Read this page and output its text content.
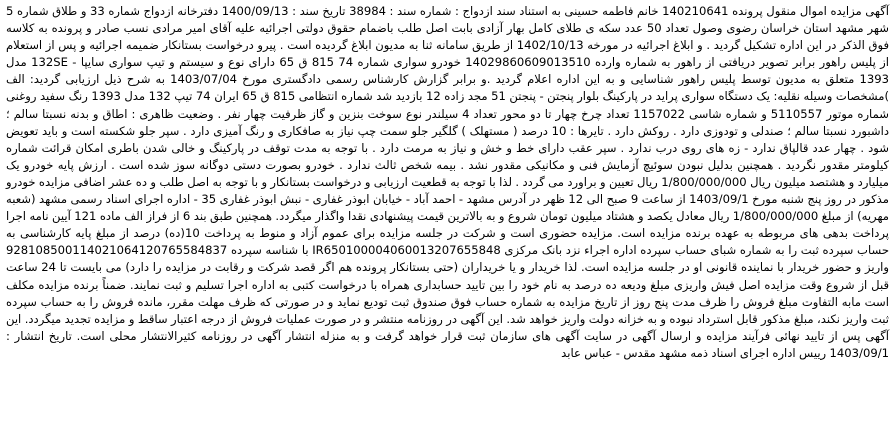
آگهی مزایده اموال منقول پرونده 140210641 خانم فاطمه حسینی به استناد سند ازدواج : شماره سند : 38984 تاریخ سند : 1400/09/13 دفترخانه ازدواج شماره 33 و طلاق شماره 5 شهر مشهد استان خراسان رضوی وصول تعداد 50 عدد سکه ی طلای کامل بهار آزادی بابت اصل طلب باضمام حقوق دولتی اجرائیه علیه آقای امیر مرادی نسب صادر و پرونده به کلاسه فوق الذکر در این اداره تشکیل گردید . و ابلاغ اجرائیه در مورخه 1402/10/13 از طریق سامانه ثنا به مدیون ابلاغ گردیده است . پیرو درخواست بستانکار ضمیمه اجرائیه و پس از استعلام از پلیس راهور برابر تصویر دریافتی از راهور به شماره وارده 14029860609013510 خودرو سواری شماره 74 815 ق 65 دارای نوع و سیستم و تیپ سواری سایپا - 132SE مدل 1393 متعلق به مدیون توسط پلیس راهور شناسایی و به این اداره اعلام گردید .و برابر گزارش کارشناس رسمی دادگستری مورخ 1403/07/04 به شرح ذیل ارزیابی گردید: الف )مشخصات وسیله نقلیه: یک دستگاه سواری پراید در پارکینگ بلوار پنجتن - پنجتن 51 مجد زاده 12 بازدید شد شماره انتظامی 815 ق 65 ایران 74 تیپ 132 مدل 1393 رنگ سفید روغنی شماره موتور 5110557 و شماره شاسی 1157022 تعداد چرخ چهار تا دو محور تعداد 4 سیلندر نوع سوخت بنزین و گاز ظرفیت چهار نفر . وضعیت ظاهری : اطاق و بدنه نسبتا سالم ؛ داشبورد نسبتا سالم ؛ صندلی و تودوزی دارد . روکش دارد . تایرها : 10 درصد ( مستهلک ) گلگیر جلو سمت چپ نیاز به صافکاری و رنگ آمیزی دارد . سپر جلو شکسته است و باید تعویض شود . چهار عدد قالپاق ندارد - زه های روی درب ندارد . سپر عقب دارای خط و خش و نیاز به مرمت دارد . با توجه به مدت توقف در پارکینگ و خالی شدن باطری امکان قرائت شماره کیلومتر مقدور نگردید . همچنین بدلیل نبودن سوئیچ آزمایش فنی و مکانیکی مقدور نشد . بیمه شخص ثالث ندارد . خودرو بصورت دستی دوگانه سوز شده است . ارزش پایه خودرو یک میلیارد و هشتصد میلیون ریال 1/800/000/000 ریال تعیین و براورد می گردد . لذا با توجه به قطعیت ارزیابی و درخواست بستانکار و با توجه به اصل طلب و ده عشر اضافی مزایده خودرو مذکور در روز پنج شنبه مورخ 1403/09/1 از ساعت 9 صبح الی 12 ظهر در آدرس مشهد - احمد آباد - خیابان ابوذر غفاری - نبش ابوذر غفاری 35 - اداره اجرای اسناد رسمی مشهد (شعبه مهریه) از مبلغ 1/800/000/000 ریال معادل یکصد و هشتاد میلیون تومان شروع و به بالاترین قیمت پیشنهادی نقدا واگذار میگردد. همچنین طبق بند 6 از فراز الف ماده 121 آیین نامه اجرا پرداخت بدهی های مربوطه به عهده برنده مزایده است. مزایده حضوری است و شرکت در جلسه مزایده برای عموم آزاد و منوط به پرداخت 10(ده) درصد از مبلغ پایه کارشناسی به حساب سپرده ثبت را به شماره شبای حساب سپرده اداره اجراء نزد بانک مرکزی IR650100004060013207655848 با شناسه سپرده 928108500114021064120765584837 واریز و حضور خریدار با نماینده قانونی او در جلسه مزایده است. لذا خریدار و یا خریداران (حتی بستانکار پرونده هم اگر قصد شرکت و رقابت در مزایده را دارد) می بایست تا 24 ساعت قبل از شروع وقت مزایده اصل فیش واریزی مبلغ ودیعه ده درصد به نام خود را بین تایید حسابداری همراه با درخواست کتبی به اداره اجرا تسلیم و ثبت نمایند. ضمناً برنده مزایده مکلف است مابه التفاوت مبلغ فروش را ظرف مدت پنج روز از تاریخ مزایده به شماره حساب فوق صندوق ثبت تودیع نماید و در صورتی که ظرف مهلت مقرر، مانده فروش را به حساب سپرده ثبت واریز نکند، مبلغ مذکور قابل استرداد نبوده و به خزانه دولت واریز خواهد شد. این آگهی در روزنامه منتشر و در صورت عملیات فروش از درجه اعتبار ساقط و مزایده تجدید میگردد. این آگهی پس از تایید نهائی فرآیند مزایده و ارسال آگهی در سایت آگهی های سازمان ثبت قرار خواهد گرفت و به منزله انتشار آگهی در روزنامه کثیرالانتشار محلی است. تاریخ انتشار : 1403/09/1 رییس اداره اجرای اسناد ذمه مشهد مقدس - عباس عابد
